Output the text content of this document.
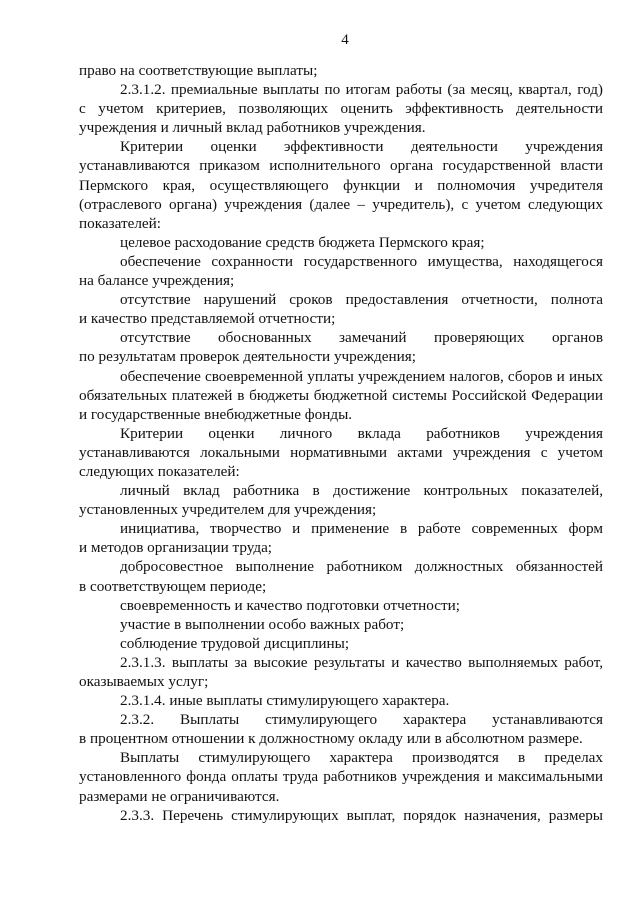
4
право на соответствующие выплаты;
2.3.1.2. премиальные выплаты по итогам работы (за месяц, квартал, год)
с учетом критериев, позволяющих оценить эффективность деятельности
учреждения и личный вклад работников учреждения.
Критерии оценки эффективности деятельности учреждения
устанавливаются приказом исполнительного органа государственной власти
Пермского края, осуществляющего функции и полномочия учредителя
(отраслевого органа) учреждения (далее – учредитель), с учетом следующих
показателей:
целевое расходование средств бюджета Пермского края;
обеспечение сохранности государственного имущества, находящегося
на балансе учреждения;
отсутствие нарушений сроков предоставления отчетности, полнота
и качество представляемой отчетности;
отсутствие обоснованных замечаний проверяющих органов
по результатам проверок деятельности учреждения;
обеспечение своевременной уплаты учреждением налогов, сборов и иных
обязательных платежей в бюджеты бюджетной системы Российской Федерации
и государственные внебюджетные фонды.
Критерии оценки личного вклада работников учреждения
устанавливаются локальными нормативными актами учреждения с учетом
следующих показателей:
личный вклад работника в достижение контрольных показателей,
установленных учредителем для учреждения;
инициатива, творчество и применение в работе современных форм
и методов организации труда;
добросовестное выполнение работником должностных обязанностей
в соответствующем периоде;
своевременность и качество подготовки отчетности;
участие в выполнении особо важных работ;
соблюдение трудовой дисциплины;
2.3.1.3. выплаты за высокие результаты и качество выполняемых работ,
оказываемых услуг;
2.3.1.4. иные выплаты стимулирующего характера.
2.3.2. Выплаты стимулирующего характера устанавливаются
в процентном отношении к должностному окладу или в абсолютном размере.
Выплаты стимулирующего характера производятся в пределах
установленного фонда оплаты труда работников учреждения и максимальными
размерами не ограничиваются.
2.3.3. Перечень стимулирующих выплат, порядок назначения, размеры
